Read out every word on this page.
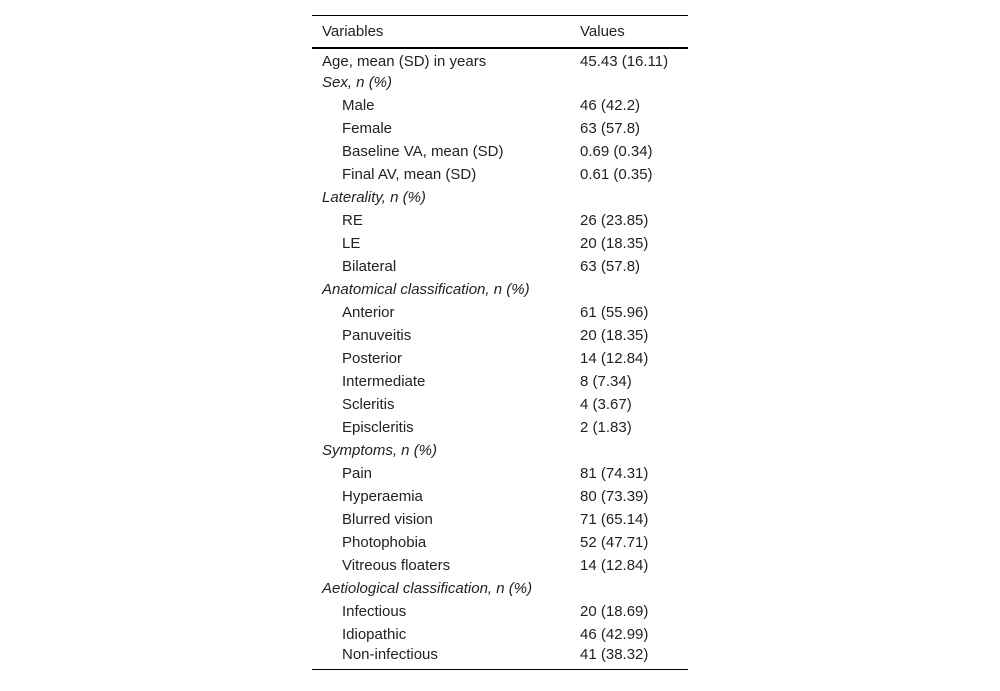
Variables	Values
Age, mean (SD) in years	45.43 (16.11)
Sex, n (%)	
Male	46 (42.2)
Female	63 (57.8)
Baseline VA, mean (SD)	0.69 (0.34)
Final AV, mean (SD)	0.61 (0.35)
Laterality, n (%)	
RE	26 (23.85)
LE	20 (18.35)
Bilateral	63 (57.8)
Anatomical classification, n (%)	
Anterior	61 (55.96)
Panuveitis	20 (18.35)
Posterior	14 (12.84)
Intermediate	8 (7.34)
Scleritis	4 (3.67)
Episcleritis	2 (1.83)
Symptoms, n (%)	
Pain	81 (74.31)
Hyperaemia	80 (73.39)
Blurred vision	71 (65.14)
Photophobia	52 (47.71)
Vitreous floaters	14 (12.84)
Aetiological classification, n (%)	
Infectious	20 (18.69)
Idiopathic	46 (42.99)
Non-infectious	41 (38.32)
